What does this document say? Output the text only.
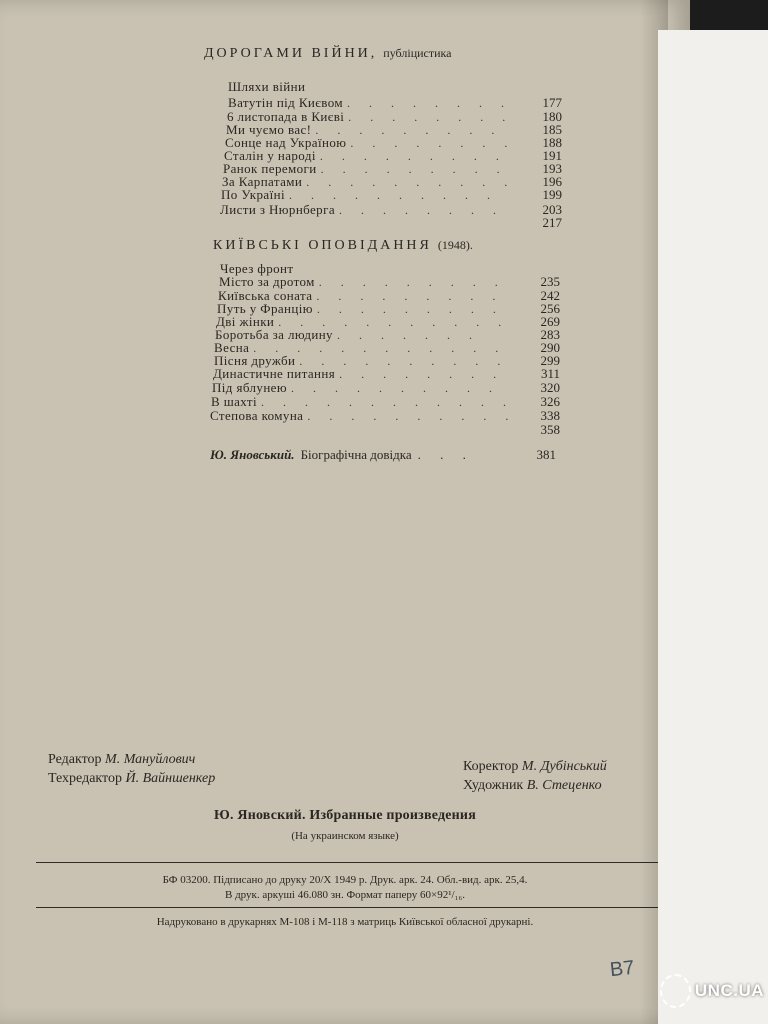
ДОРОГАМИ ВІЙНИ, публіцистика
Шляхи війни
Ватутін під Києвом . . . . . . . .	177
6 листопада в Києві . . . . . . . .	180
Ми чуємо вас! . . . . . . . . .	185
Сонце над Україною . . . . . . . .	188
Сталін у народі . . . . . . . . .	191
Ранок перемоги . . . . . . . . .	193
За Карпатами . . . . . . . . . .	196
По Україні . . . . . . . . . .	199
Листи з Нюрнберга . . . . . . . .	203
217
КИЇВСЬКІ ОПОВІДАННЯ (1948).
Через фронт
Місто за дротом . . . . . . . . .	235
Київська соната . . . . . . . . .	242
Путь у Францію . . . . . . . . .	256
Дві жінки . . . . . . . . . . .	269
Боротьба за людину . . . . . . .	283
Весна . . . . . . . . . . . .	290
Пісня дружби . . . . . . . . . .	299
Династичне питання . . . . . . . .	311
Під яблунею . . . . . . . . . .	320
В шахті . . . . . . . . . . . .	326
Степова комуна . . . . . . . . . .	338
358
Ю. Яновський. Біографічна довідка . . .	381
Редактор М. Мануйлович
Техредактор Й. Вайншенкер
Коректор М. Дубінський
Художник В. Стеценко
Ю. Яновский. Избранные произведения
(На украинском языке)
БФ 03200. Підписано до друку 20/Х 1949 р. Друк. арк. 24. Обл.-вид. арк. 25,4.
В друк. аркуші 46.080 зн. Формат паперу 60×92¹/₁₆.
Надруковано в друкарнях М-108 і М-118 з матриць Київської обласної друкарні.
В7
UNC.UA
